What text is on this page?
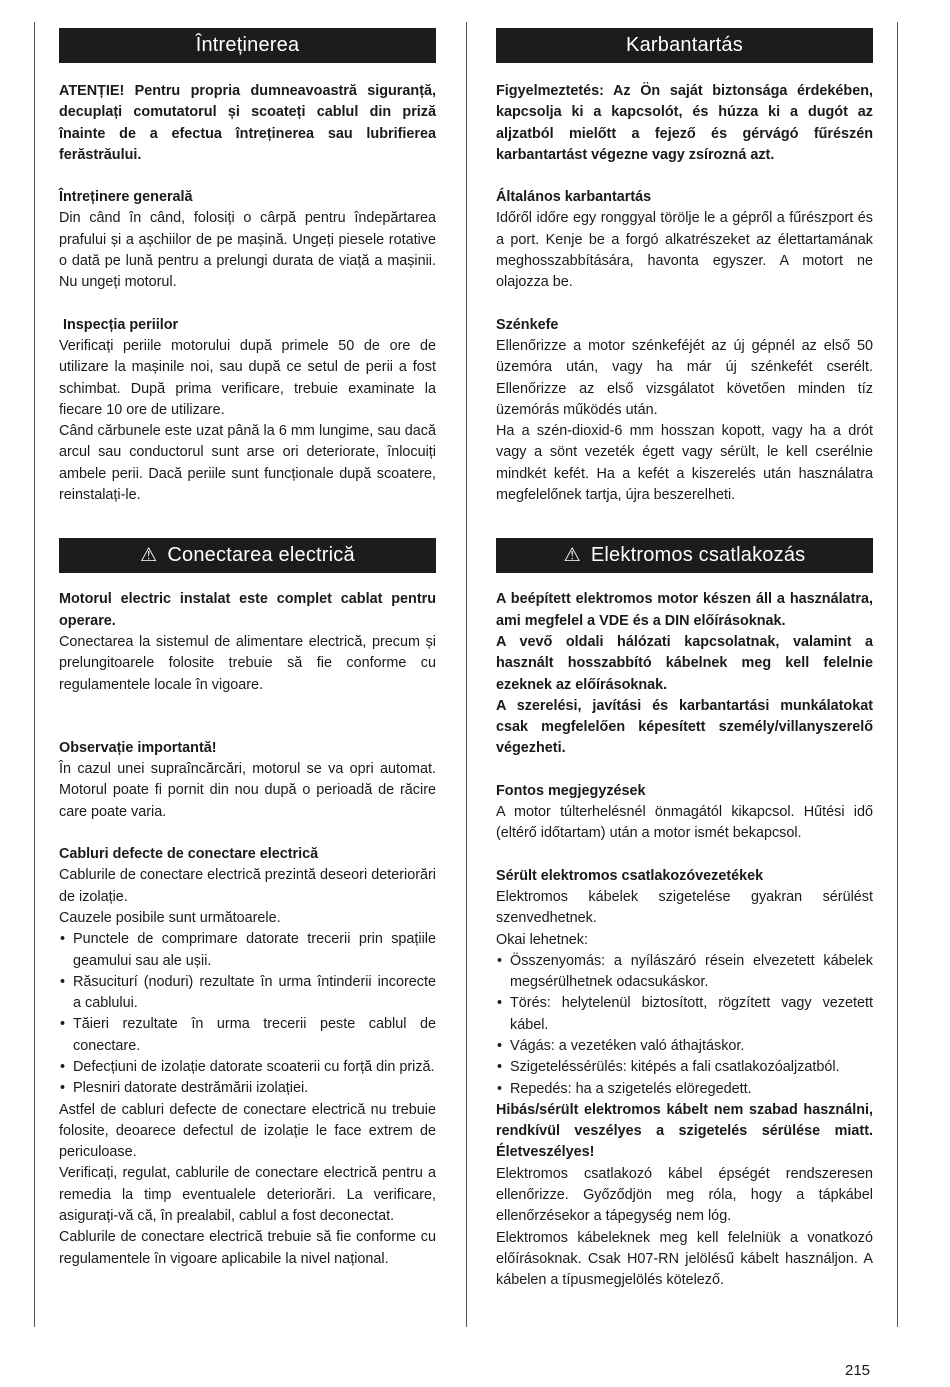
Întreținerea

ATENȚIE! Pentru propria dumneavoastră siguranță, decuplați comutatorul și scoateți cablul din priză înainte de a efectua întreținerea sau lubrifierea ferăstrăului.

Întreținere generală

Din când în când, folosiți o cârpă pentru îndepărtarea prafului și a așchiilor de pe mașină. Ungeți piesele rotative o dată pe lună pentru a prelungi durata de viață a mașinii. Nu ungeți motorul.

Inspecția periilor

Verificați periile motorului după primele 50 de ore de utilizare la mașinile noi, sau după ce setul de perii a fost schimbat. După prima verificare, trebuie examinate la fiecare 10 ore de utilizare.

Când cărbunele este uzat până la 6 mm lungime, sau dacă arcul sau conductorul sunt arse ori deteriorate, înlocuiți ambele perii. Dacă periile sunt funcționale după scoatere, reinstalați-le.

⚠ Conectarea electrică

Motorul electric instalat este complet cablat pentru operare.

Conectarea la sistemul de alimentare electrică, precum și prelungitoarele folosite trebuie să fie conforme cu regulamentele locale în vigoare.

Observație importantă!

În cazul unei supraîncărcări, motorul se va opri automat. Motorul poate fi pornit din nou după o perioadă de răcire care poate varia.

Cabluri defecte de conectare electrică

Cablurile de conectare electrică prezintă deseori deteriorări de izolație.

Cauzele posibile sunt următoarele.

• Punctele de comprimare datorate trecerii prin spațiile geamului sau ale ușii.
• Răsuciturí (noduri) rezultate în urma întinderii incorecte a cablului.
• Tăieri rezultate în urma trecerii peste cablul de conectare.
• Defecțiuni de izolație datorate scoaterii cu forță din priză.
• Plesniri datorate destrămării izolației.

Astfel de cabluri defecte de conectare electrică nu trebuie folosite, deoarece defectul de izolație le face extrem de periculoase.

Verificați, regulat, cablurile de conectare electrică pentru a remedia la timp eventualele deteriorări. La verificare, asigurați-vă că, în prealabil, cablul a fost deconectat.

Cablurile de conectare electrică trebuie să fie conforme cu regulamentele în vigoare aplicabile la nivel național.

Karbantartás

Figyelmeztetés: Az Ön saját biztonsága érdekében, kapcsolja ki a kapcsolót, és húzza ki a dugót az aljzatból mielőtt a fejező és gérvágó fűrészén karbantartást végezne vagy zsírozná azt.

Általános karbantartás

Időről időre egy ronggyal törölje le a gépről a fűrészport és a port. Kenje be a forgó alkatrészeket az élettartamának meghosszabbítására, havonta egyszer. A motort ne olajozza be.

Szénkefe

Ellenőrizze a motor szénkeféjét az új gépnél az első 50 üzemóra után, vagy ha már új szénkefét cserélt. Ellenőrizze az első vizsgálatot követően minden tíz üzemórás működés után.

Ha a szén-dioxid-6 mm hosszan kopott, vagy ha a drót vagy a sönt vezeték égett vagy sérült, le kell cserélnie mindkét kefét. Ha a kefét a kiszerelés után használatra megfelelőnek tartja, újra beszerelheti.

⚠ Elektromos csatlakozás

A beépített elektromos motor készen áll a használatra, ami megfelel a VDE és a DIN előírásoknak.

A vevő oldali hálózati kapcsolatnak, valamint a használt hosszabbító kábelnek meg kell felelnie ezeknek az előírásoknak.

A szerelési, javítási és karbantartási munkálatokat csak megfelelően képesített személy/villanyszerelő végezheti.

Fontos megjegyzések

A motor túlterhelésnél önmagától kikapcsol. Hűtési idő (eltérő időtartam) után a motor ismét bekapcsol.

Sérült elektromos csatlakozóvezetékek

Elektromos kábelek szigetelése gyakran sérülést szenvedhetnek.

Okai lehetnek:

• Összenyomás: a nyílászáró résein elvezetett kábelek megsérülhetnek odacsukáskor.
• Törés: helytelenül biztosított, rögzített vagy vezetett kábel.
• Vágás: a vezetéken való áthajtáskor.
• Szigeteléssérülés: kitépés a fali csatlakozóaljzatból.
• Repedés: ha a szigetelés elöregedett.

Hibás/sérült elektromos kábelt nem szabad használni, rendkívül veszélyes a szigetelés sérülése miatt. Életveszélyes!

Elektromos csatlakozó kábel épségét rendszeresen ellenőrizze. Győződjön meg róla, hogy a tápkábel ellenőrzésekor a tápegység nem lóg.

Elektromos kábeleknek meg kell felelniük a vonatkozó előírásoknak. Csak H07-RN jelölésű kábelt használjon. A kábelen a típusmegjelölés kötelező.

215
